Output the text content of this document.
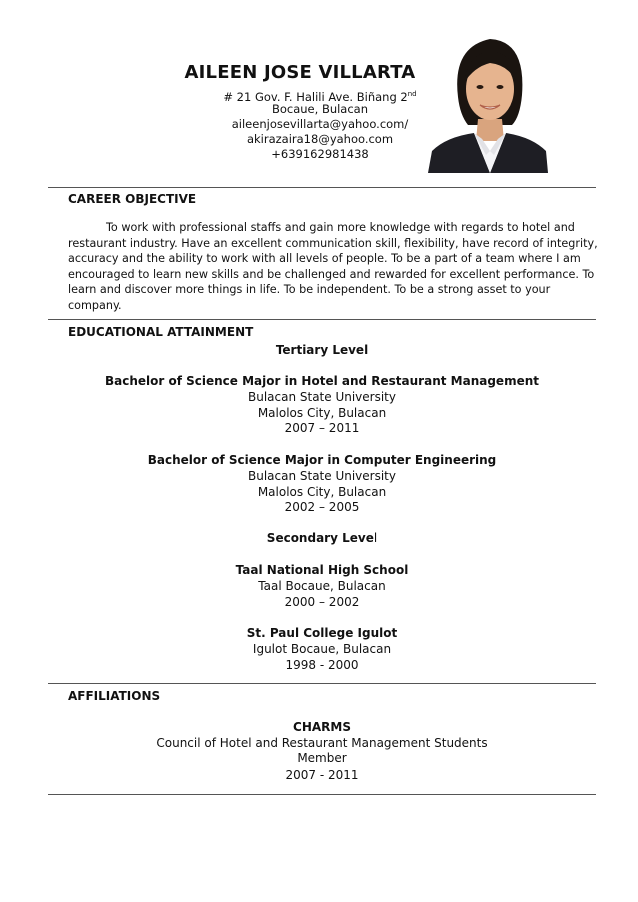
AILEEN JOSE VILLARTA
# 21 Gov. F. Halili Ave. Biñang 2nd
Bocaue, Bulacan
aileenjosevillarta@yahoo.com/
akirazaira18@yahoo.com
+639162981438
CAREER OBJECTIVE
To work with professional staffs and gain more knowledge with regards to hotel and restaurant industry. Have an excellent communication skill, flexibility, have record of integrity, accuracy and the ability to work with all levels of people. To be a part of a team where I am encouraged to learn new skills and be challenged and rewarded for excellent performance. To learn and discover more things in life. To be independent. To be a strong asset to your company.
EDUCATIONAL ATTAINMENT
Tertiary Level
Bachelor of Science Major in Hotel and Restaurant Management
Bulacan State University
Malolos City, Bulacan
2007 – 2011
Bachelor of Science Major in Computer Engineering
Bulacan State University
Malolos City, Bulacan
2002 – 2005
Secondary Level
Taal National High School
Taal Bocaue, Bulacan
2000 – 2002
St. Paul College Igulot
Igulot Bocaue, Bulacan
1998 - 2000
AFFILIATIONS
CHARMS
Council of Hotel and Restaurant Management Students
Member
2007 - 2011
